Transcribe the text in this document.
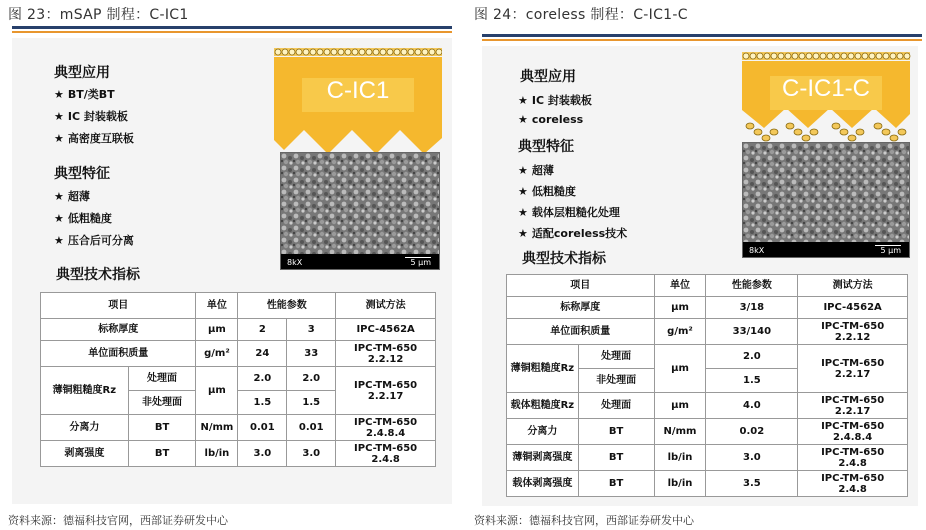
图 23：mSAP 制程：C-IC1
典型应用
★ BT/类BT
★ IC 封装载板
★ 高密度互联板
典型特征
★ 超薄
★ 低粗糙度
★ 压合后可分离
C-IC1
8kX	5 µm
典型技术指标
项目		单位	性能参数		测试方法
标称厚度		µm	2	3	IPC-4562A
单位面积质量		g/m²	24	33	IPC-TM-650
2.2.12
薄铜粗糙度Rz	处理面	µm	2.0	2.0	IPC-TM-650
2.2.17
	非处理面		1.5	1.5	
分离力	BT	N/mm	0.01	0.01	IPC-TM-650
2.4.8.4
剥离强度	BT	lb/in	3.0	3.0	IPC-TM-650
2.4.8
资料来源：德福科技官网，西部证券研发中心
图 24：coreless 制程：C-IC1-C
典型应用
★ IC 封装载板
★ coreless
典型特征
★ 超薄
★ 低粗糙度
★ 载体层粗糙化处理
★ 适配coreless技术
C-IC1-C
8kX	5 µm
典型技术指标
项目		单位	性能参数	测试方法
标称厚度		µm	3/18	IPC-4562A
单位面积质量		g/m²	33/140	IPC-TM-650
2.2.12
薄铜粗糙度Rz	处理面	µm	2.0	IPC-TM-650
2.2.17
	非处理面		1.5	
载体粗糙度Rz	处理面	µm	4.0	IPC-TM-650
2.2.17
分离力	BT	N/mm	0.02	IPC-TM-650
2.4.8.4
薄铜剥离强度	BT	lb/in	3.0	IPC-TM-650
2.4.8
载体剥离强度	BT	lb/in	3.5	IPC-TM-650
2.4.8
资料来源：德福科技官网，西部证券研发中心
